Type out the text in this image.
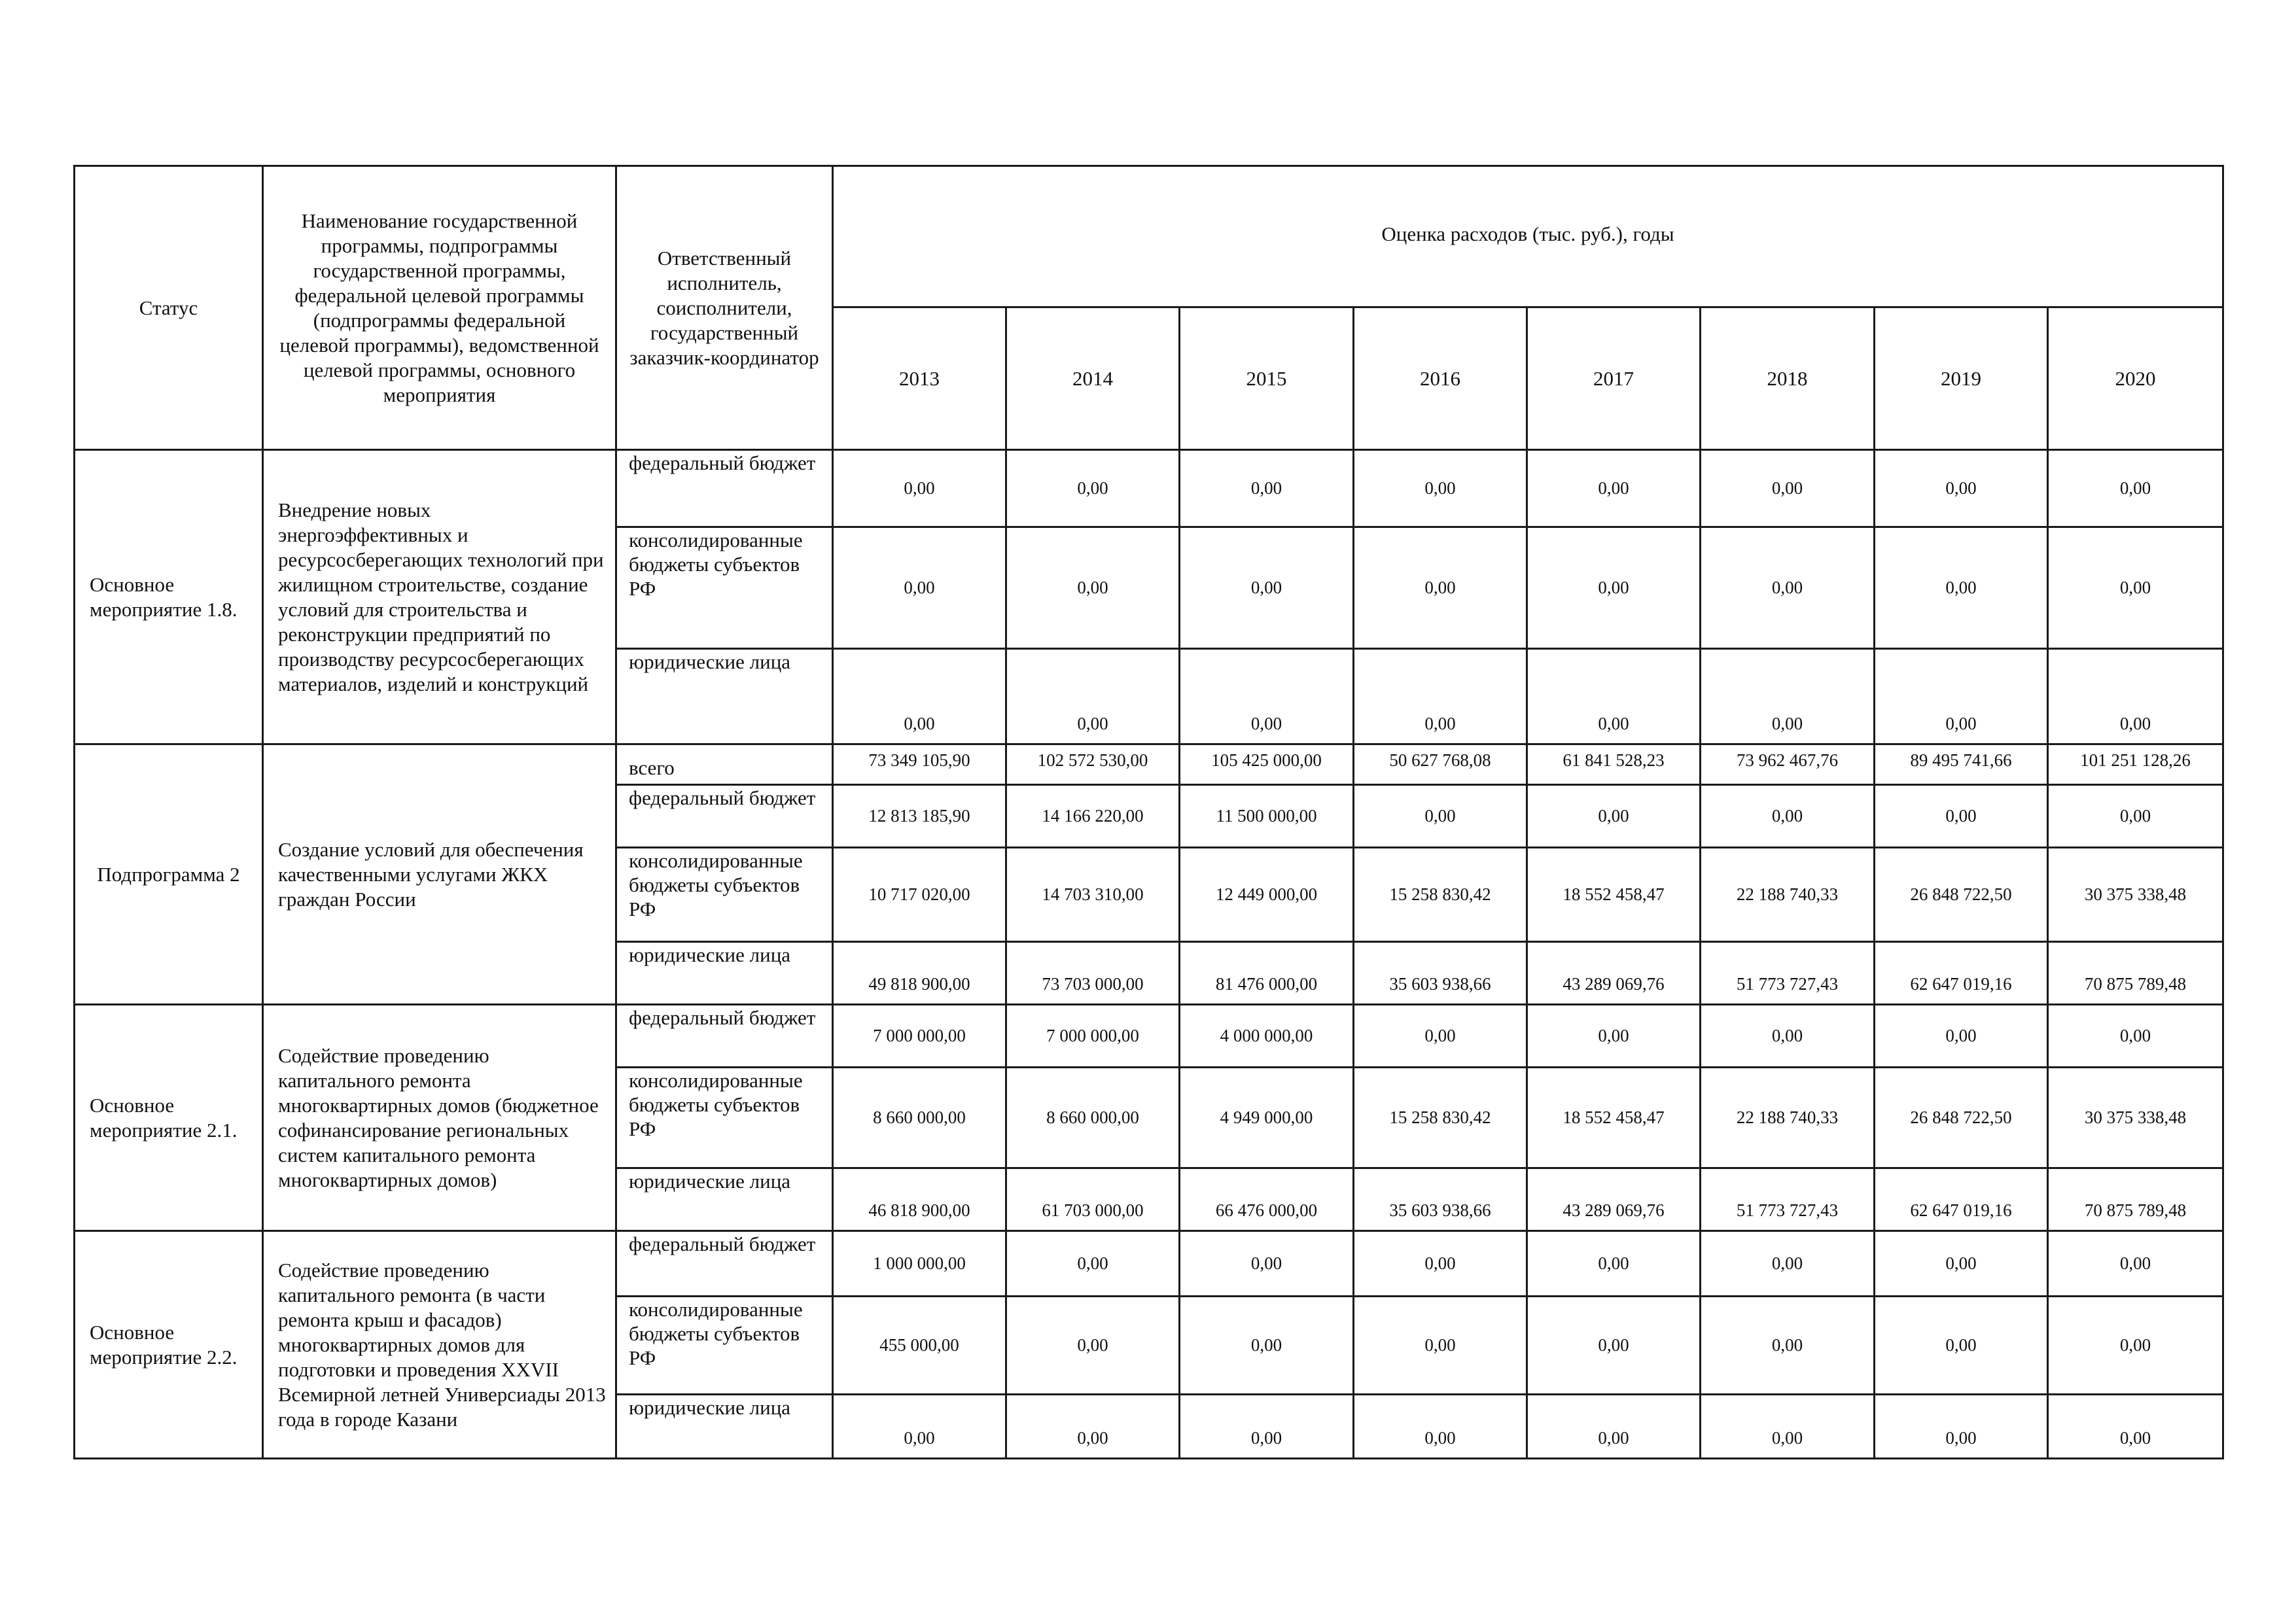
Статус	Наименование государственной программы, подпрограммы государственной программы, федеральной целевой программы (подпрограммы федеральной целевой программы), ведомственной целевой программы, основного мероприятия	Ответственный исполнитель, соисполнители, государственный заказчик-координатор	Оценка расходов (тыс. руб.), годы							
			2013	2014	2015	2016	2017	2018	2019	2020
Основное мероприятие 1.8.	Внедрение новых энергоэффективных и ресурсосберегающих технологий при жилищном строительстве, создание условий для строительства и реконструкции предприятий по производству ресурсосберегающих материалов, изделий и конструкций	федеральный бюджет	0,00	0,00	0,00	0,00	0,00	0,00	0,00	0,00
		консолидированные бюджеты субъектов РФ	0,00	0,00	0,00	0,00	0,00	0,00	0,00	0,00
		юридические лица	0,00	0,00	0,00	0,00	0,00	0,00	0,00	0,00
Подпрограмма 2	Создание условий для обеспечения качественными услугами ЖКХ граждан России	всего	73 349 105,90	102 572 530,00	105 425 000,00	50 627 768,08	61 841 528,23	73 962 467,76	89 495 741,66	101 251 128,26
		федеральный бюджет	12 813 185,90	14 166 220,00	11 500 000,00	0,00	0,00	0,00	0,00	0,00
		консолидированные бюджеты субъектов РФ	10 717 020,00	14 703 310,00	12 449 000,00	15 258 830,42	18 552 458,47	22 188 740,33	26 848 722,50	30 375 338,48
		юридические лица	49 818 900,00	73 703 000,00	81 476 000,00	35 603 938,66	43 289 069,76	51 773 727,43	62 647 019,16	70 875 789,48
Основное мероприятие 2.1.	Содействие проведению капитального ремонта многоквартирных домов (бюджетное софинансирование региональных систем капитального ремонта многоквартирных домов)	федеральный бюджет	7 000 000,00	7 000 000,00	4 000 000,00	0,00	0,00	0,00	0,00	0,00
		консолидированные бюджеты субъектов РФ	8 660 000,00	8 660 000,00	4 949 000,00	15 258 830,42	18 552 458,47	22 188 740,33	26 848 722,50	30 375 338,48
		юридические лица	46 818 900,00	61 703 000,00	66 476 000,00	35 603 938,66	43 289 069,76	51 773 727,43	62 647 019,16	70 875 789,48
Основное мероприятие 2.2.	Содействие проведению капитального ремонта (в части ремонта крыш и фасадов) многоквартирных домов для подготовки и проведения XXVII Всемирной летней Универсиады 2013 года в городе Казани	федеральный бюджет	1 000 000,00	0,00	0,00	0,00	0,00	0,00	0,00	0,00
		консолидированные бюджеты субъектов РФ	455 000,00	0,00	0,00	0,00	0,00	0,00	0,00	0,00
		юридические лица	0,00	0,00	0,00	0,00	0,00	0,00	0,00	0,00
